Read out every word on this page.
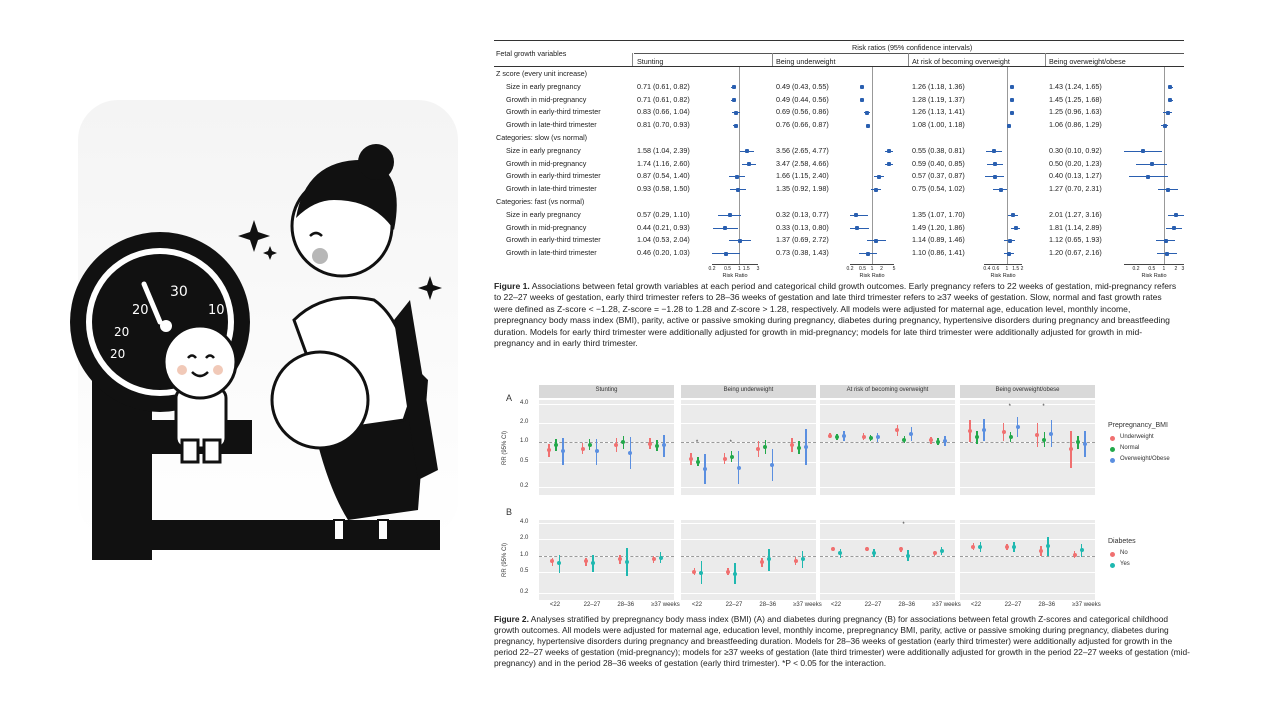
30
20	10
20
20
Fetal growth variables
Risk ratios (95% confidence intervals)
Stunting	Being underweight	At risk of becoming overweight	Being overweight/obese
Z score (every unit increase)
Size in early pregnancy	0.71 (0.61, 0.82)	0.49 (0.43, 0.55)	1.26 (1.18, 1.36)	1.43 (1.24, 1.65)
Growth in mid-pregnancy	0.71 (0.61, 0.82)	0.49 (0.44, 0.56)	1.28 (1.19, 1.37)	1.45 (1.25, 1.68)
Growth in early-third trimester	0.83 (0.66, 1.04)	0.69 (0.56, 0.86)	1.26 (1.13, 1.41)	1.25 (0.96, 1.63)
Growth in late-third trimester	0.81 (0.70, 0.93)	0.76 (0.66, 0.87)	1.08 (1.00, 1.18)	1.06 (0.86, 1.29)
Categories: slow (vs normal)
Size in early pregnancy	1.58 (1.04, 2.39)	3.56 (2.65, 4.77)	0.55 (0.38, 0.81)	0.30 (0.10, 0.92)
Growth in mid-pregnancy	1.74 (1.16, 2.60)	3.47 (2.58, 4.66)	0.59 (0.40, 0.85)	0.50 (0.20, 1.23)
Growth in early-third trimester	0.87 (0.54, 1.40)	1.66 (1.15, 2.40)	0.57 (0.37, 0.87)	0.40 (0.13, 1.27)
Growth in late-third trimester	0.93 (0.58, 1.50)	1.35 (0.92, 1.98)	0.75 (0.54, 1.02)	1.27 (0.70, 2.31)
Categories: fast (vs normal)
Size in early pregnancy	0.57 (0.29, 1.10)	0.32 (0.13, 0.77)	1.35 (1.07, 1.70)	2.01 (1.27, 3.16)
Growth in mid-pregnancy	0.44 (0.21, 0.93)	0.33 (0.13, 0.80)	1.49 (1.20, 1.86)	1.81 (1.14, 2.89)
Growth in early-third trimester	1.04 (0.53, 2.04)	1.37 (0.69, 2.72)	1.14 (0.89, 1.46)	1.12 (0.65, 1.93)
Growth in late-third trimester	0.46 (0.20, 1.03)	0.73 (0.38, 1.43)	1.10 (0.86, 1.41)	1.20 (0.67, 2.16)
0.2 0.5 1 1.5 3
Risk Ratio
0.2 0.5 1 2 5
Risk Ratio
0.4 0.6 1 1.5 2
Risk Ratio
0.2 0.5 1 2 3
Risk Ratio
Figure 1. Associations between fetal growth variables at each period and categorical child growth outcomes. Early pregnancy refers to 22 weeks of gestation, mid-pregnancy refers to 22–27 weeks of gestation, early third trimester refers to 28–36 weeks of gestation and late third trimester refers to ≥37 weeks of gestation. Slow, normal and fast growth rates were defined as Z-score < −1.28, Z-score = −1.28 to 1.28 and Z-score > 1.28, respectively. All models were adjusted for maternal age, education level, monthly income, prepregnancy body mass index (BMI), parity, active or passive smoking during pregnancy, diabetes during pregnancy, hypertensive disorders during pregnancy and breastfeeding duration. Models for early third trimester were additionally adjusted for growth in mid-pregnancy; models for late third trimester were additionally adjusted for growth in mid-pregnancy and in early third trimester.
A
B
Stunting	Being underweight	At risk of becoming overweight	Being overweight/obese
RR (95% CI)
4.0
2.0
1.0
0.5
0.2
Prepregnancy_BMI
Underweight
Normal
Overweight/Obese
RR (95% CI)
4.0
2.0
1.0
0.5
0.2
<22	22–27	28–36	≥37 weeks <22	22–27	28–36	≥37 weeks <22	22–27	28–36	≥37 weeks <22	22–27	28–36	≥37 weeks
Diabetes
No
Yes
*	*
*	*
*
Figure 2. Analyses stratified by prepregnancy body mass index (BMI) (A) and diabetes during pregnancy (B) for associations between fetal growth Z-scores and categorical childhood growth outcomes. All models were adjusted for maternal age, education level, monthly income, prepregnancy BMI, parity, active or passive smoking during pregnancy, diabetes during pregnancy, hypertensive disorders during pregnancy and breastfeeding duration. Models for 28–36 weeks of gestation (early third trimester) were additionally adjusted for growth in the period 22–27 weeks of gestation (mid-pregnancy); models for ≥37 weeks of gestation (late third trimester) were additionally adjusted for growth in the period 22–27 weeks of gestation (mid-pregnancy) and in the period 28–36 weeks of gestation (early third trimester). *P < 0.05 for the interaction.
